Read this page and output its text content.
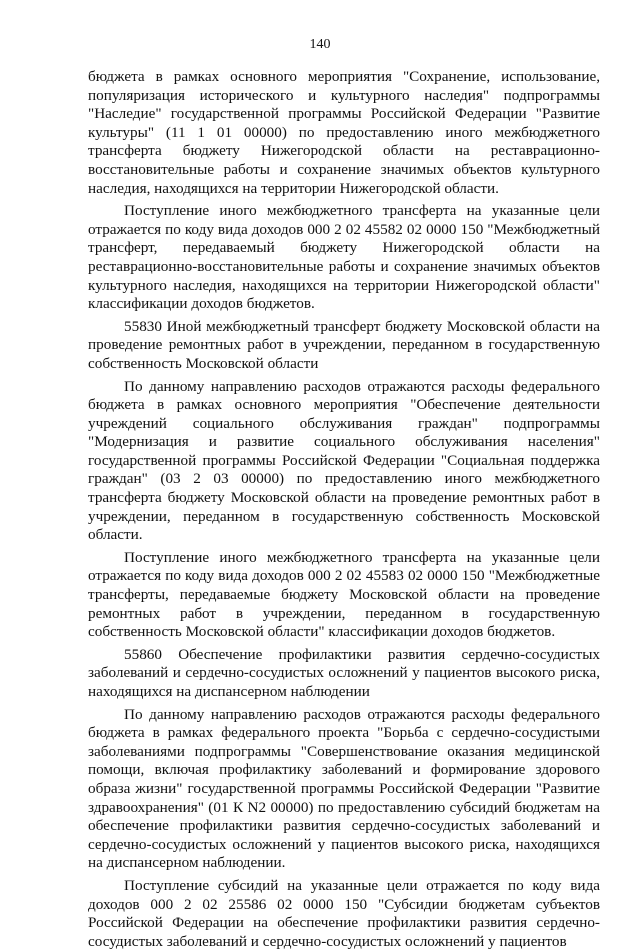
140

бюджета в рамках основного мероприятия "Сохранение, использование, популяризация исторического и культурного наследия" подпрограммы "Наследие" государственной программы Российской Федерации "Развитие культуры" (11 1 01 00000) по предоставлению иного межбюджетного трансферта бюджету Нижегородской области на реставрационно-восстановительные работы и сохранение значимых объектов культурного наследия, находящихся на территории Нижегородской области.

Поступление иного межбюджетного трансферта на указанные цели отражается по коду вида доходов 000 2 02 45582 02 0000 150 "Межбюджетный трансферт, передаваемый бюджету Нижегородской области на реставрационно-восстановительные работы и сохранение значимых объектов культурного наследия, находящихся на территории Нижегородской области" классификации доходов бюджетов.

55830 Иной межбюджетный трансферт бюджету Московской области на проведение ремонтных работ в учреждении, переданном в государственную собственность Московской области

По данному направлению расходов отражаются расходы федерального бюджета в рамках основного мероприятия "Обеспечение деятельности учреждений социального обслуживания граждан" подпрограммы "Модернизация и развитие социального обслуживания населения" государственной программы Российской Федерации "Социальная поддержка граждан" (03 2 03 00000) по предоставлению иного межбюджетного трансферта бюджету Московской области на проведение ремонтных работ в учреждении, переданном в государственную собственность Московской области.

Поступление иного межбюджетного трансферта на указанные цели отражается по коду вида доходов 000 2 02 45583 02 0000 150 "Межбюджетные трансферты, передаваемые бюджету Московской области на проведение ремонтных работ в учреждении, переданном в государственную собственность Московской области" классификации доходов бюджетов.

55860 Обеспечение профилактики развития сердечно-сосудистых заболеваний и сердечно-сосудистых осложнений у пациентов высокого риска, находящихся на диспансерном наблюдении

По данному направлению расходов отражаются расходы федерального бюджета в рамках федерального проекта "Борьба с сердечно-сосудистыми заболеваниями подпрограммы "Совершенствование оказания медицинской помощи, включая профилактику заболеваний и формирование здорового образа жизни" государственной программы Российской Федерации "Развитие здравоохранения" (01 К N2 00000) по предоставлению субсидий бюджетам на обеспечение профилактики развития сердечно-сосудистых заболеваний и сердечно-сосудистых осложнений у пациентов высокого риска, находящихся на диспансерном наблюдении.

Поступление субсидий на указанные цели отражается по коду вида доходов 000 2 02 25586 02 0000 150 "Субсидии бюджетам субъектов Российской Федерации на обеспечение профилактики развития сердечно-сосудистых заболеваний и сердечно-сосудистых осложнений у пациентов
